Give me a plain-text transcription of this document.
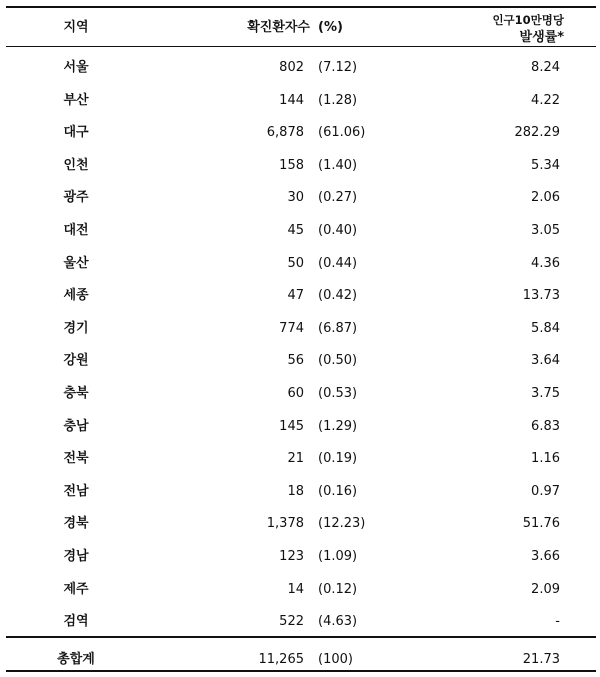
지역	확진환자수 (%)	인구10만명당
발생률*
서울	802 (7.12)	8.24
부산	144 (1.28)	4.22
대구	6,878 (61.06)	282.29
인천	158 (1.40)	5.34
광주	30 (0.27)	2.06
대전	45 (0.40)	3.05
울산	50 (0.44)	4.36
세종	47 (0.42)	13.73
경기	774 (6.87)	5.84
강원	56 (0.50)	3.64
충북	60 (0.53)	3.75
충남	145 (1.29)	6.83
전북	21 (0.19)	1.16
전남	18 (0.16)	0.97
경북	1,378 (12.23)	51.76
경남	123 (1.09)	3.66
제주	14 (0.12)	2.09
검역	522 (4.63)	-
총합계	11,265 (100)	21.73
